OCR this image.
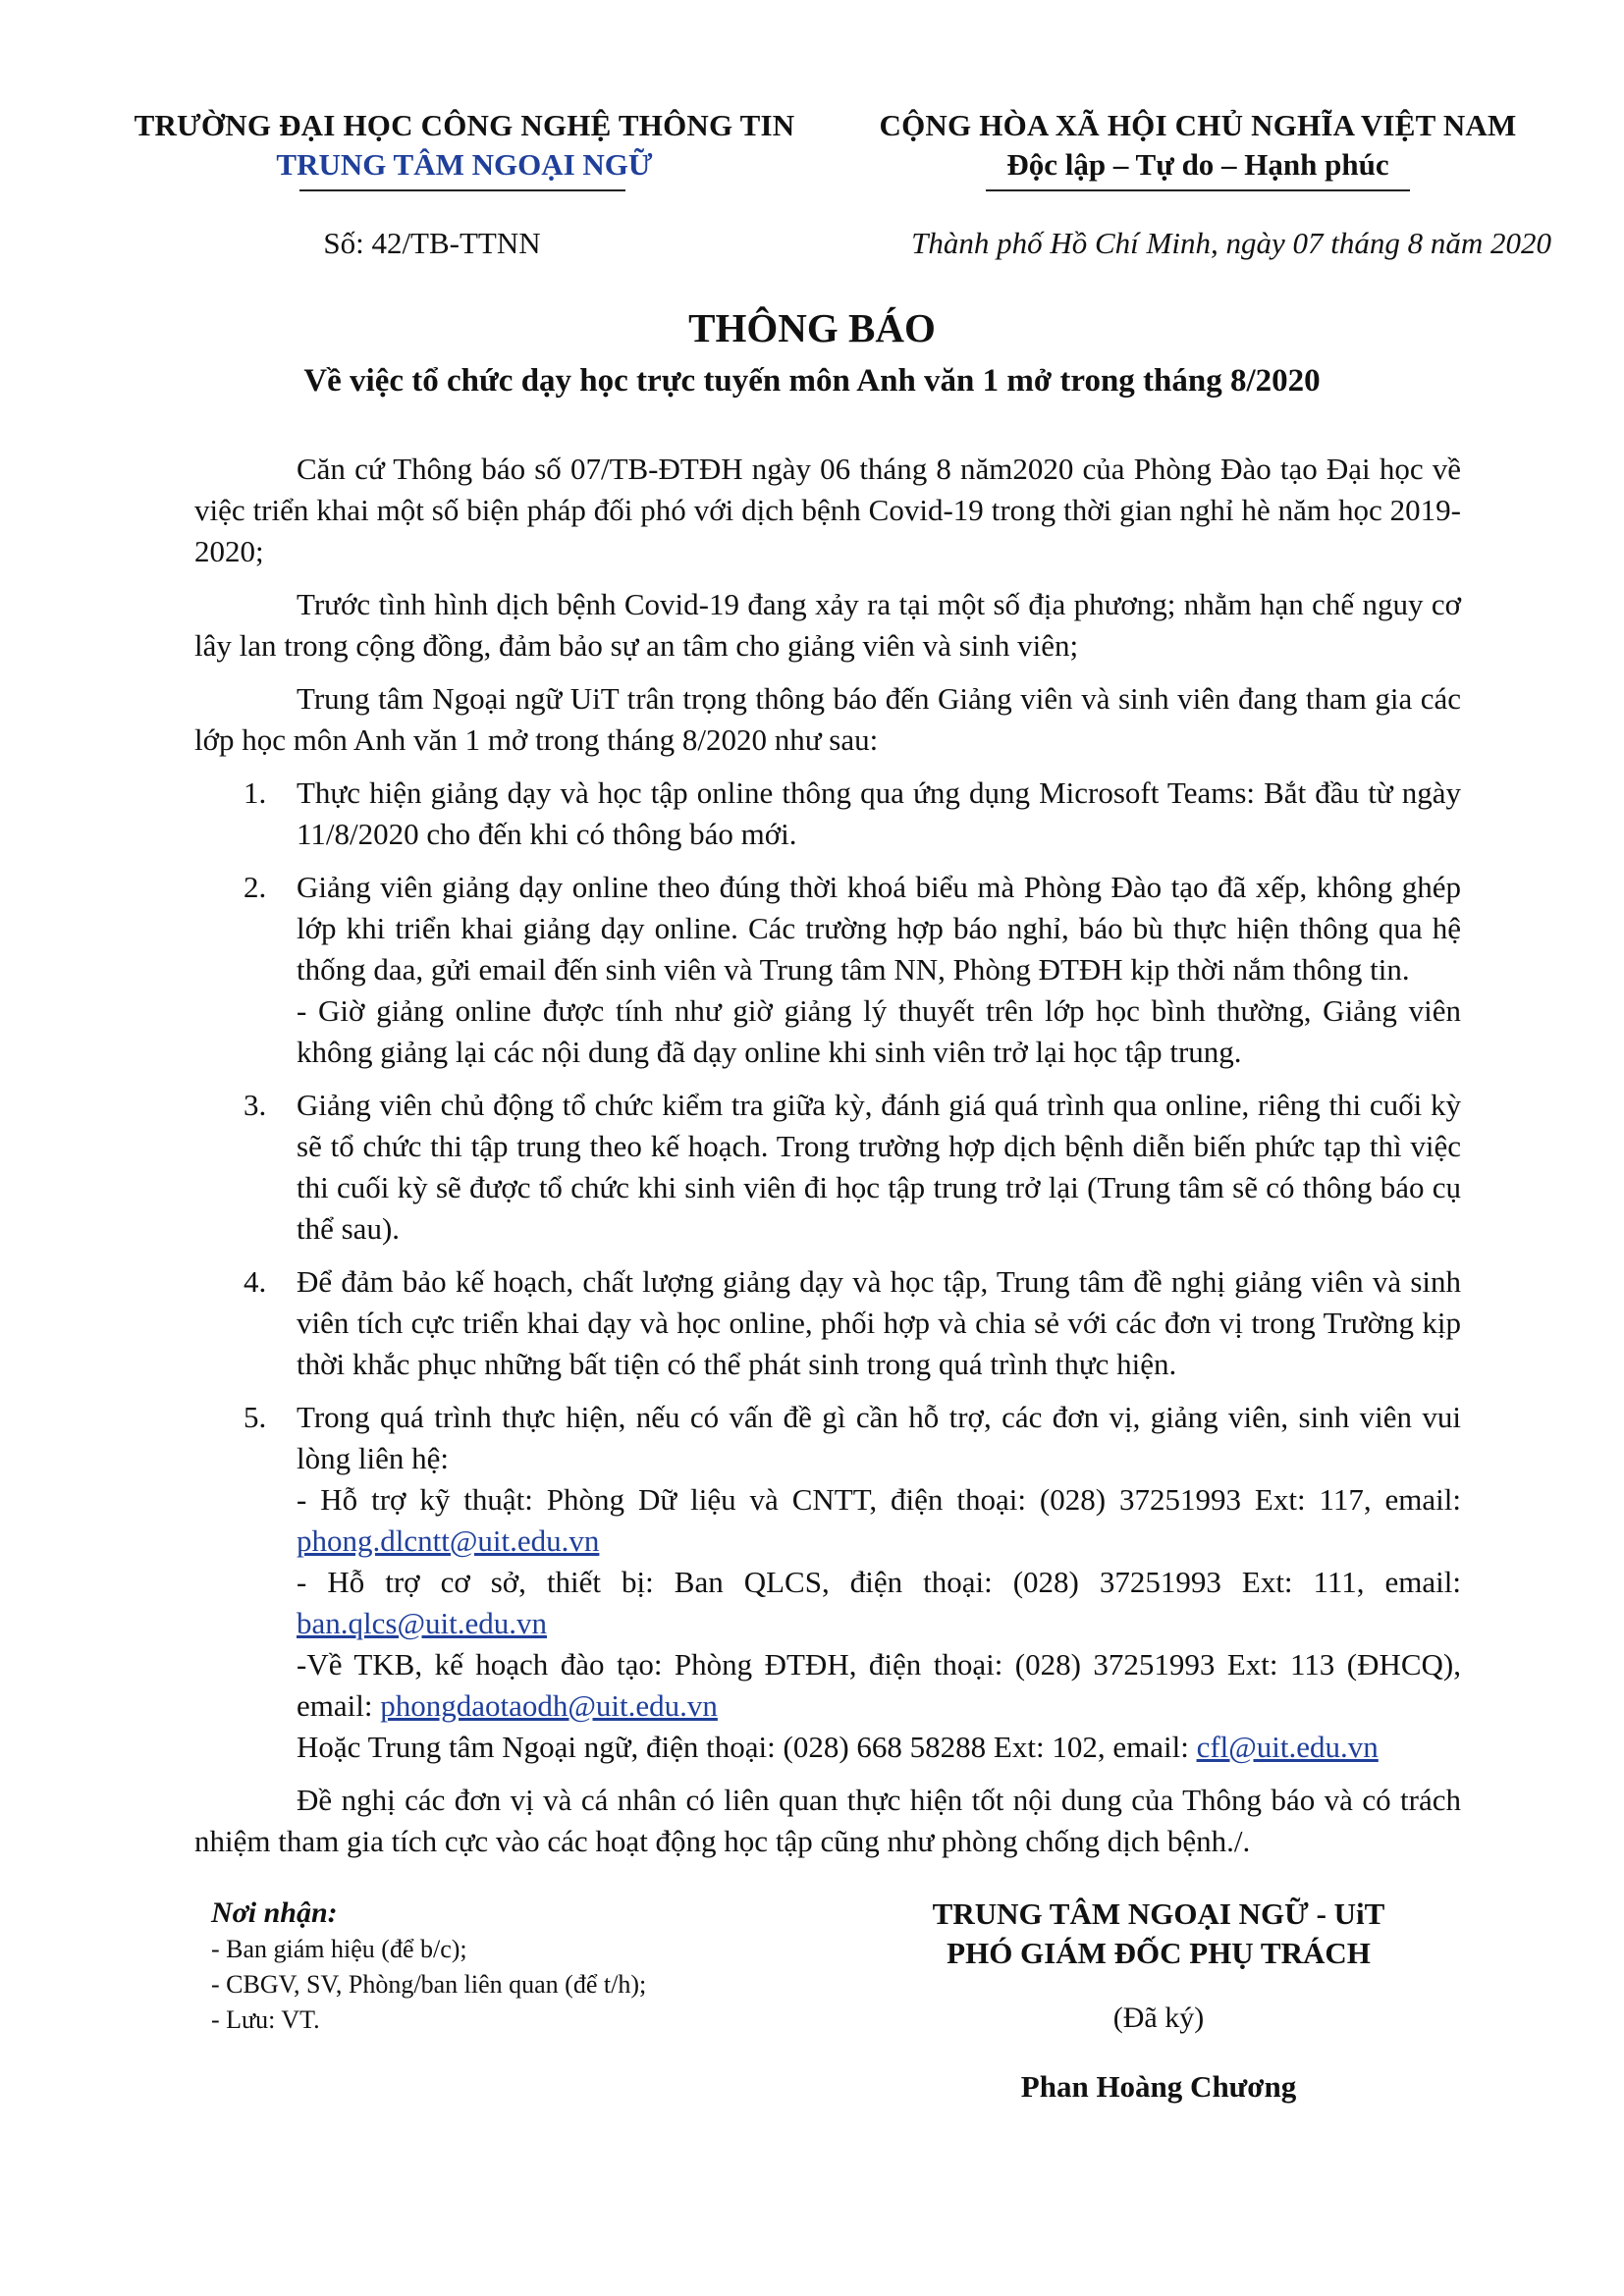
TRƯỜNG ĐẠI HỌC CÔNG NGHỆ THÔNG TIN
TRUNG TÂM NGOẠI NGỮ
CỘNG HÒA XÃ HỘI CHỦ NGHĨA VIỆT NAM
Độc lập – Tự do – Hạnh phúc
Số: 42/TB-TTNN	Thành phố Hồ Chí Minh, ngày 07 tháng 8 năm 2020
THÔNG BÁO
Về việc tổ chức dạy học trực tuyến môn Anh văn 1 mở trong tháng 8/2020

Căn cứ Thông báo số 07/TB-ĐTĐH ngày 06 tháng 8 năm2020 của Phòng Đào tạo Đại học về việc triển khai một số biện pháp đối phó với dịch bệnh Covid-19 trong thời gian nghỉ hè năm học 2019-2020;

Trước tình hình dịch bệnh Covid-19 đang xảy ra tại một số địa phương; nhằm hạn chế nguy cơ lây lan trong cộng đồng, đảm bảo sự an tâm cho giảng viên và sinh viên;

Trung tâm Ngoại ngữ UiT trân trọng thông báo đến Giảng viên và sinh viên đang tham gia các lớp học môn Anh văn 1 mở trong tháng 8/2020 như sau:

1. Thực hiện giảng dạy và học tập online thông qua ứng dụng Microsoft Teams: Bắt đầu từ ngày 11/8/2020 cho đến khi có thông báo mới.
2. Giảng viên giảng dạy online theo đúng thời khoá biểu mà Phòng Đào tạo đã xếp, không ghép lớp khi triển khai giảng dạy online. Các trường hợp báo nghỉ, báo bù thực hiện thông qua hệ thống daa, gửi email đến sinh viên và Trung tâm NN, Phòng ĐTĐH kịp thời nắm thông tin.
- Giờ giảng online được tính như giờ giảng lý thuyết trên lớp học bình thường, Giảng viên không giảng lại các nội dung đã dạy online khi sinh viên trở lại học tập trung.
3. Giảng viên chủ động tổ chức kiểm tra giữa kỳ, đánh giá quá trình qua online, riêng thi cuối kỳ sẽ tổ chức thi tập trung theo kế hoạch. Trong trường hợp dịch bệnh diễn biến phức tạp thì việc thi cuối kỳ sẽ được tổ chức khi sinh viên đi học tập trung trở lại (Trung tâm sẽ có thông báo cụ thể sau).
4. Để đảm bảo kế hoạch, chất lượng giảng dạy và học tập, Trung tâm đề nghị giảng viên và sinh viên tích cực triển khai dạy và học online, phối hợp và chia sẻ với các đơn vị trong Trường kịp thời khắc phục những bất tiện có thể phát sinh trong quá trình thực hiện.
5. Trong quá trình thực hiện, nếu có vấn đề gì cần hỗ trợ, các đơn vị, giảng viên, sinh viên vui lòng liên hệ:
- Hỗ trợ kỹ thuật: Phòng Dữ liệu và CNTT, điện thoại: (028) 37251993 Ext: 117, email: phong.dlcntt@uit.edu.vn
- Hỗ trợ cơ sở, thiết bị: Ban QLCS, điện thoại: (028) 37251993 Ext: 111, email: ban.qlcs@uit.edu.vn
-Về TKB, kế hoạch đào tạo: Phòng ĐTĐH, điện thoại: (028) 37251993 Ext: 113 (ĐHCQ), email: phongdaotaodh@uit.edu.vn
Hoặc Trung tâm Ngoại ngữ, điện thoại: (028) 668 58288 Ext: 102, email: cfl@uit.edu.vn

Đề nghị các đơn vị và cá nhân có liên quan thực hiện tốt nội dung của Thông báo và có trách nhiệm tham gia tích cực vào các hoạt động học tập cũng như phòng chống dịch bệnh./.

Nơi nhận:
- Ban giám hiệu (để b/c);
- CBGV, SV, Phòng/ban liên quan (để t/h);
- Lưu: VT.
TRUNG TÂM NGOẠI NGỮ - UiT
PHÓ GIÁM ĐỐC PHỤ TRÁCH
(Đã ký)
Phan Hoàng Chương
